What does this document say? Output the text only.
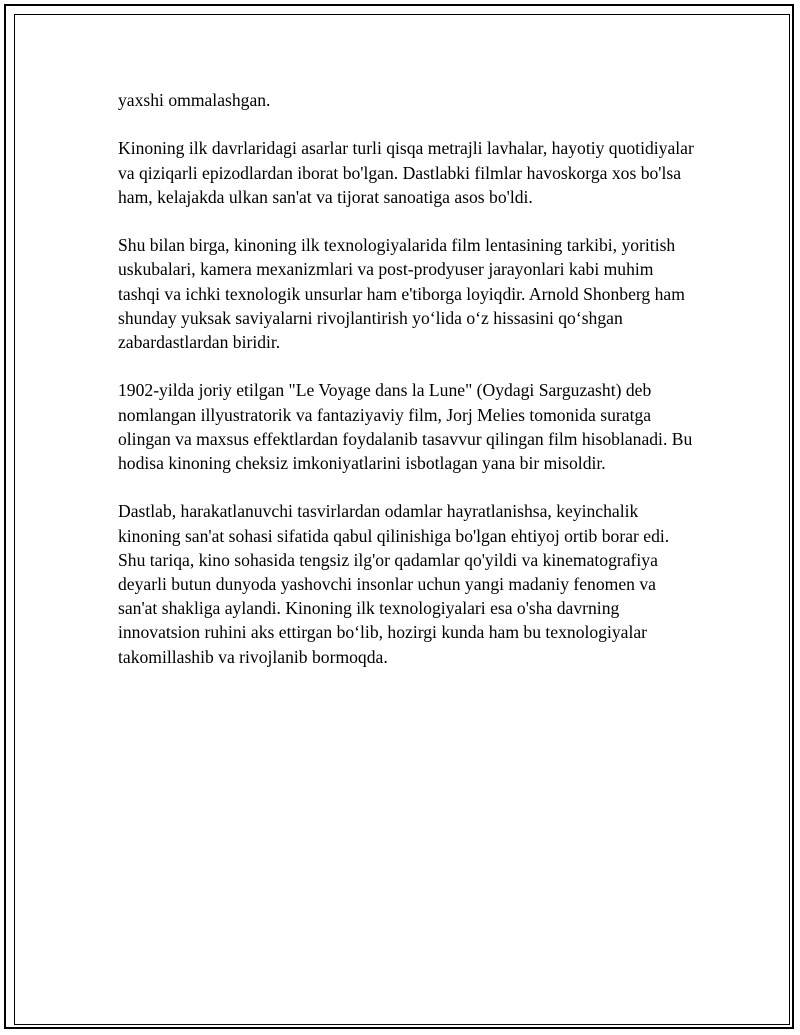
yaxshi ommalashgan.

Kinoning ilk davrlaridagi asarlar turli qisqa metrajli lavhalar, hayotiy quotidiyalar va qiziqarli epizodlardan iborat bo'lgan. Dastlabki filmlar havoskorga xos bo'lsa ham, kelajakda ulkan san'at va tijorat sanoatiga asos bo'ldi.

Shu bilan birga, kinoning ilk texnologiyalarida film lentasining tarkibi, yoritish uskubalari, kamera mexanizmlari va post-prodyuser jarayonlari kabi muhim tashqi va ichki texnologik unsurlar ham e'tiborga loyiqdir. Arnold Shonberg ham shunday yuksak saviyalarni rivojlantirish yo‘lida o‘z hissasini qo‘shgan zabardastlardan biridir.

1902-yilda joriy etilgan "Le Voyage dans la Lune" (Oydagi Sarguzasht) deb nomlangan illyustratorik va fantaziyaviy film, Jorj Melies tomonida suratga olingan va maxsus effektlardan foydalanib tasavvur qilingan film hisoblanadi. Bu hodisa kinoning cheksiz imkoniyatlarini isbotlagan yana bir misoldir.

Dastlab, harakatlanuvchi tasvirlardan odamlar hayratlanishsa, keyinchalik kinoning san'at sohasi sifatida qabul qilinishiga bo'lgan ehtiyoj ortib borar edi. Shu tariqa, kino sohasida tengsiz ilg'or qadamlar qo'yildi va kinematografiya deyarli butun dunyoda yashovchi insonlar uchun yangi madaniy fenomen va san'at shakliga aylandi. Kinoning ilk texnologiyalari esa o'sha davrning innovatsion ruhini aks ettirgan bo‘lib, hozirgi kunda ham bu texnologiyalar takomillashib va rivojlanib bormoqda.
